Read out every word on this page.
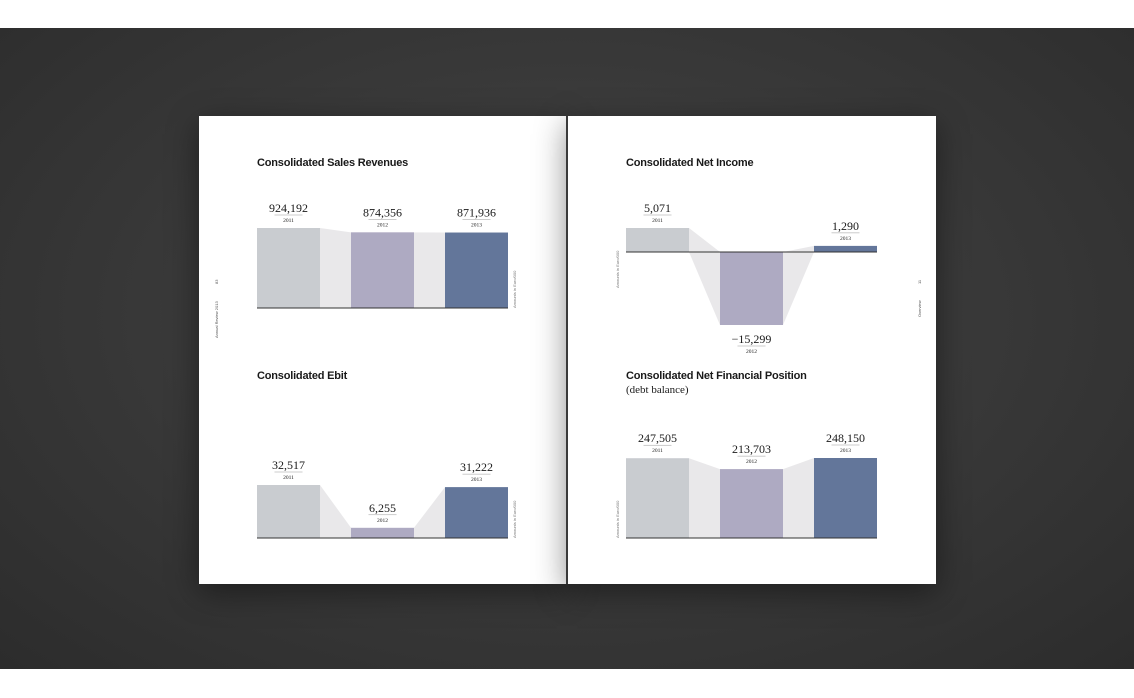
83
Annual Review 2013
11
Overview
Consolidated Sales Revenues
924,192
2011
874,356
2012
871,936
2013
Amounts in Euro/000
Consolidated Ebit
32,517
2011
6,255
2012
31,222
2013
Amounts in Euro/000
Consolidated Net Income
5,071
2011
−15,299
2012
1,290
2013
Amounts in Euro/000
Consolidated Net Financial Position
(debt balance)
247,505
2011	213,703
2012
248,150
2013
Amounts in Euro/000
